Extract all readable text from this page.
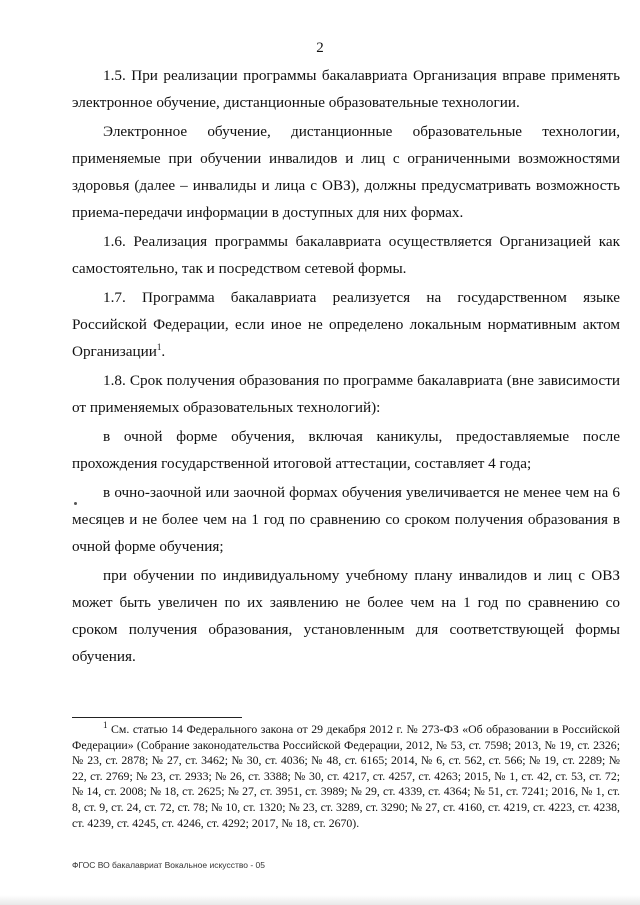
2

1.5. При реализации программы бакалавриата Организация вправе применять электронное обучение, дистанционные образовательные технологии.

Электронное обучение, дистанционные образовательные технологии, применяемые при обучении инвалидов и лиц с ограниченными возможностями здоровья (далее – инвалиды и лица с ОВЗ), должны предусматривать возможность приема-передачи информации в доступных для них формах.

1.6. Реализация программы бакалавриата осуществляется Организацией как самостоятельно, так и посредством сетевой формы.

1.7. Программа бакалавриата реализуется на государственном языке Российской Федерации, если иное не определено локальным нормативным актом Организации$^1$.

1.8. Срок получения образования по программе бакалавриата (вне зависимости от применяемых образовательных технологий):

в очной форме обучения, включая каникулы, предоставляемые после прохождения государственной итоговой аттестации, составляет 4 года;

в очно-заочной или заочной формах обучения увеличивается не менее чем на 6 месяцев и не более чем на 1 год по сравнению со сроком получения образования в очной форме обучения;

при обучении по индивидуальному учебному плану инвалидов и лиц с ОВЗ может быть увеличен по их заявлению не более чем на 1 год по сравнению со сроком получения образования, установленным для соответствующей формы обучения.

$^1$ См. статью 14 Федерального закона от 29 декабря 2012 г. № 273-ФЗ «Об образовании в Российской Федерации» (Собрание законодательства Российской Федерации, 2012, № 53, ст. 7598; 2013, № 19, ст. 2326; № 23, ст. 2878; № 27, ст. 3462; № 30, ст. 4036; № 48, ст. 6165; 2014, № 6, ст. 562, ст. 566; № 19, ст. 2289; № 22, ст. 2769; № 23, ст. 2933; № 26, ст. 3388; № 30, ст. 4217, ст. 4257, ст. 4263; 2015, № 1, ст. 42, ст. 53, ст. 72; № 14, ст. 2008; № 18, ст. 2625; № 27, ст. 3951, ст. 3989; № 29, ст. 4339, ст. 4364; № 51, ст. 7241; 2016, № 1, ст. 8, ст. 9, ст. 24, ст. 72, ст. 78; № 10, ст. 1320; № 23, ст. 3289, ст. 3290; № 27, ст. 4160, ст. 4219, ст. 4223, ст. 4238, ст. 4239, ст. 4245, ст. 4246, ст. 4292; 2017, № 18, ст. 2670).

ФГОС ВО бакалавриат Вокальное искусство - 05
